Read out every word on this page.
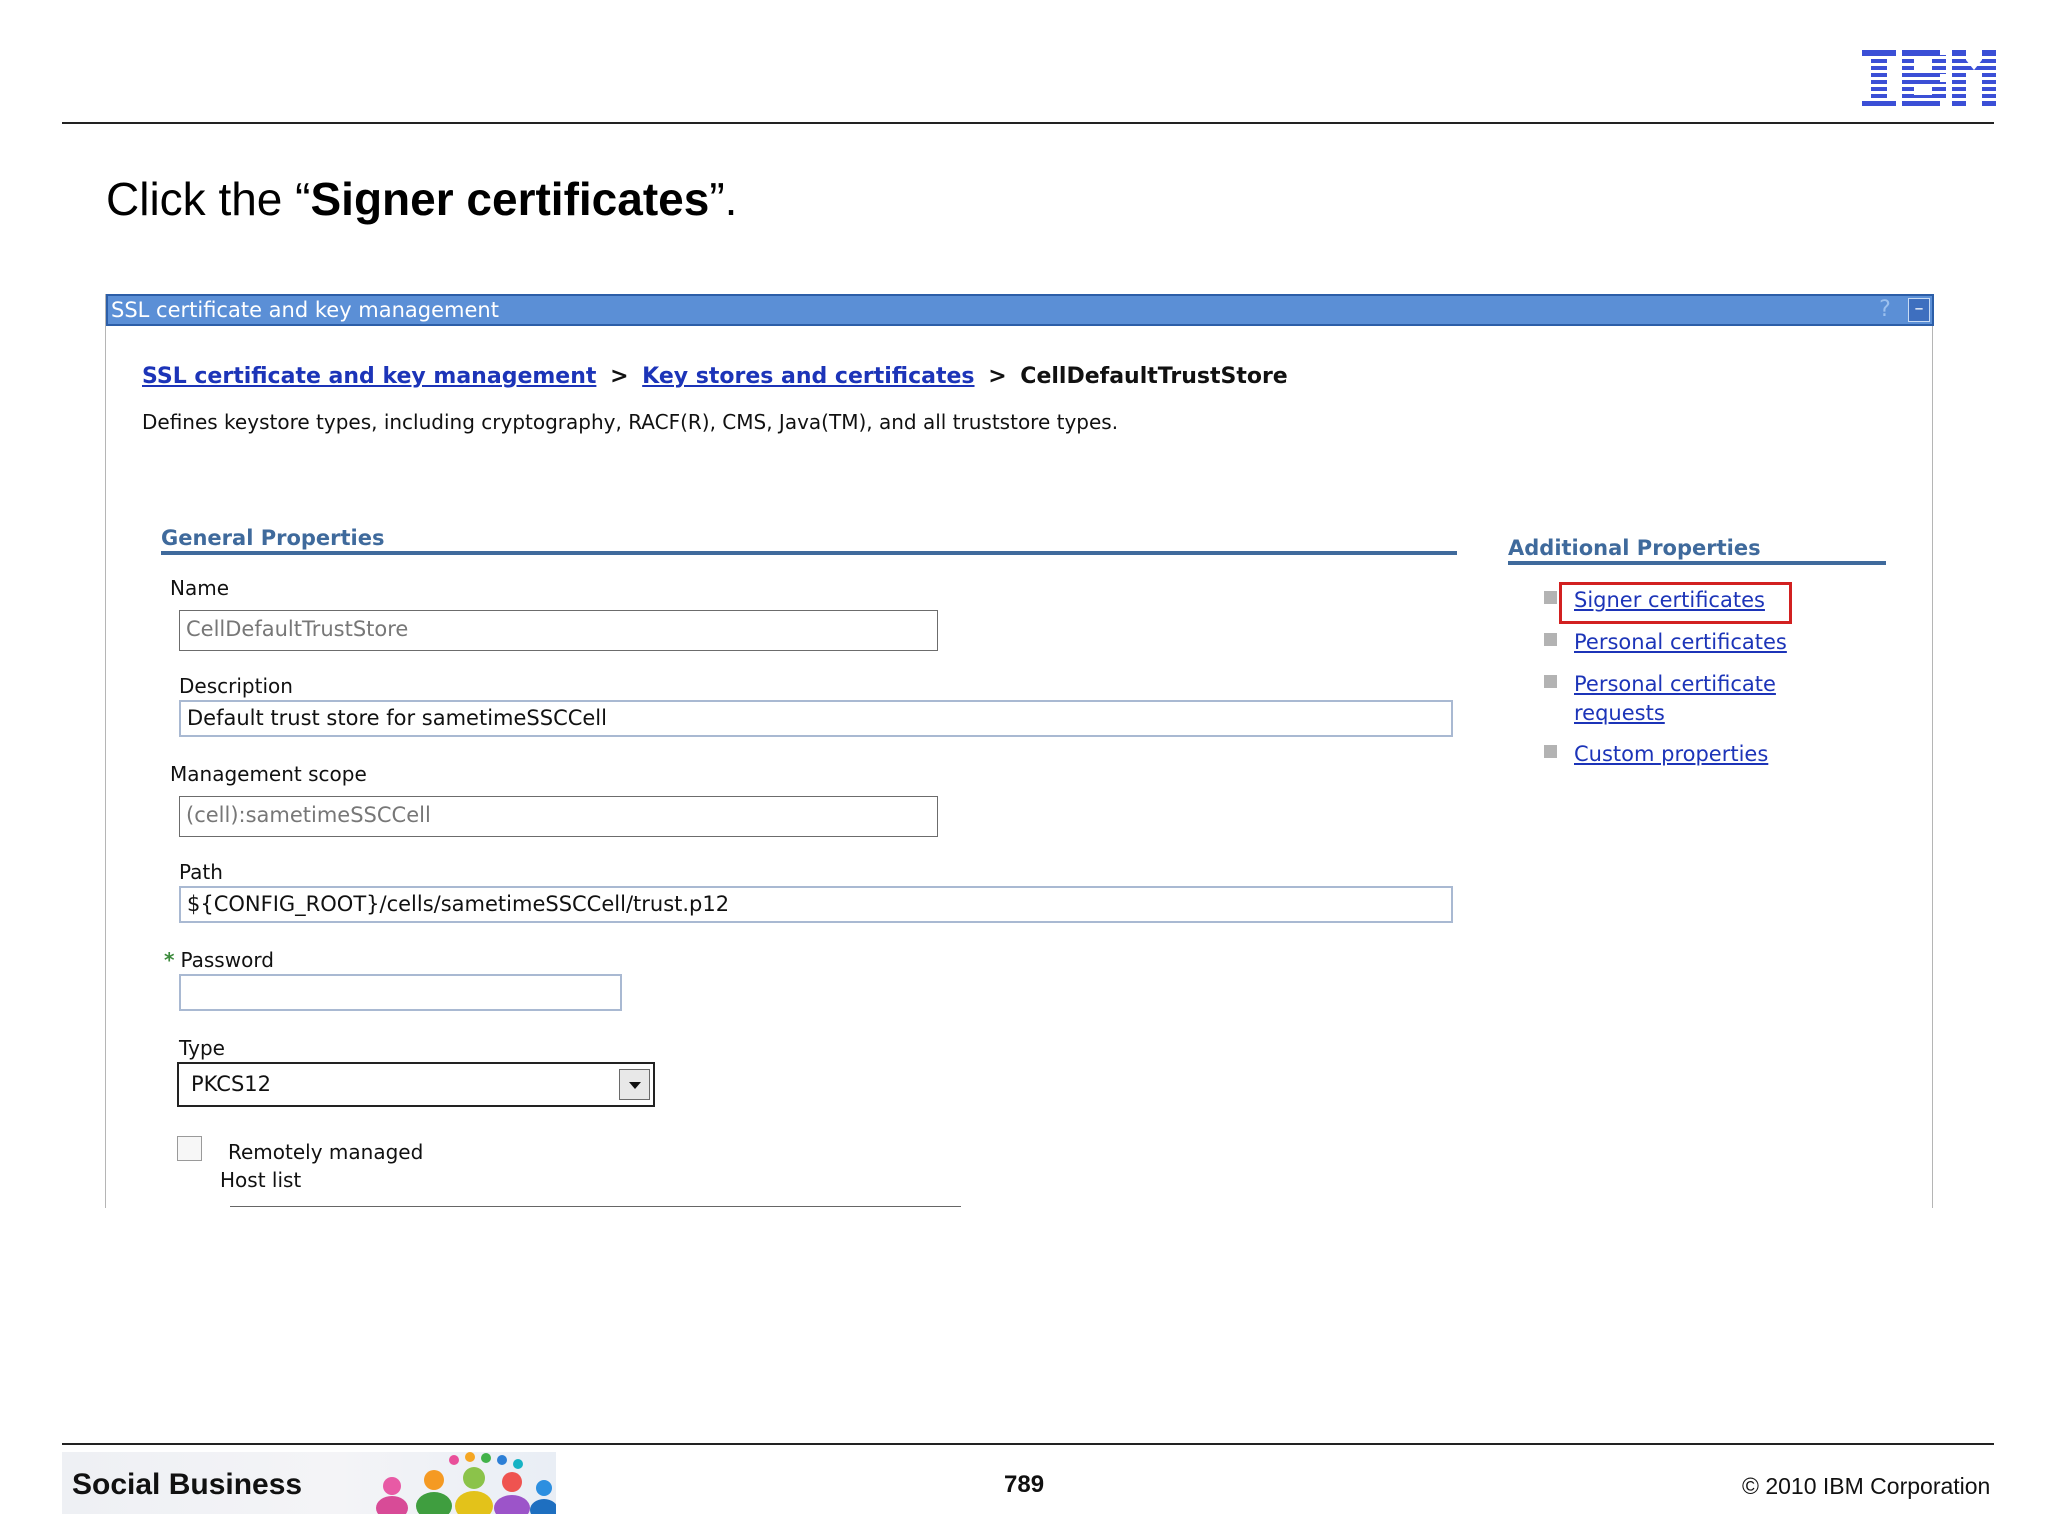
Click the “Signer certificates”.
SSL certificate and key management	?	–
SSL certificate and key management > Key stores and certificates > CellDefaultTrustStore
Defines keystore types, including cryptography, RACF(R), CMS, Java(TM), and all truststore types.
General Properties
Name
CellDefaultTrustStore
Description
Default trust store for sametimeSSCCell
Management scope
(cell):sametimeSSCCell
Path
${CONFIG_ROOT}/cells/sametimeSSCCell/trust.p12
* Password
Type
PKCS12
Remotely managed
Host list
Additional Properties
Signer certificates
Personal certificates
Personal certificate requests
Custom properties
Social Business	789	© 2010 IBM Corporation
